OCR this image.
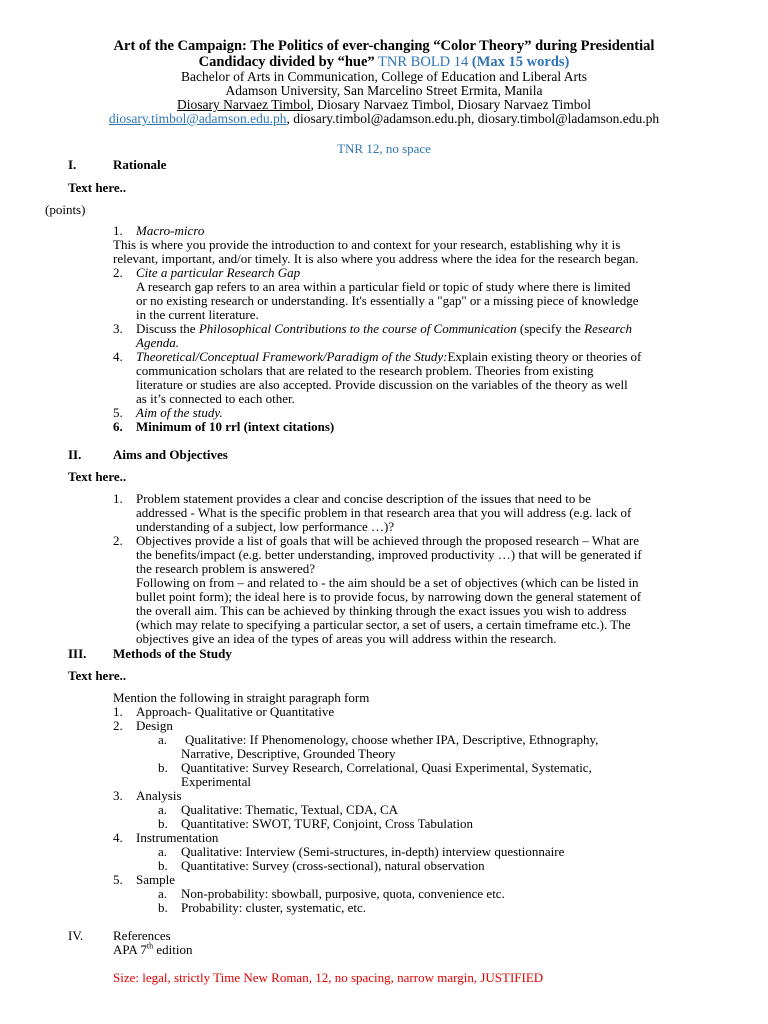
Art of the Campaign: The Politics of ever-changing “Color Theory” during Presidential
Candidacy divided by “hue” TNR BOLD 14 (Max 15 words)
Bachelor of Arts in Communication, College of Education and Liberal Arts
Adamson University, San Marcelino Street Ermita, Manila
Diosary Narvaez Timbol, Diosary Narvaez Timbol, Diosary Narvaez Timbol
diosary.timbol@adamson.edu.ph, diosary.timbol@adamson.edu.ph, diosary.timbol@ladamson.edu.ph
TNR 12, no space
I.	Rationale
Text here..
(points)
1. Macro-micro
This is where you provide the introduction to and context for your research, establishing why it is
relevant, important, and/or timely. It is also where you address where the idea for the research began.
2. Cite a particular Research Gap
A research gap refers to an area within a particular field or topic of study where there is limited
or no existing research or understanding. It's essentially a "gap" or a missing piece of knowledge
in the current literature.
3. Discuss the Philosophical Contributions to the course of Communication (specify the Research
Agenda.
4. Theoretical/Conceptual Framework/Paradigm of the Study:Explain existing theory or theories of
communication scholars that are related to the research problem. Theories from existing
literature or studies are also accepted. Provide discussion on the variables of the theory as well
as it’s connected to each other.
5. Aim of the study.
6. Minimum of 10 rrl (intext citations)
II. Aims and Objectives
Text here..
1. Problem statement provides a clear and concise description of the issues that need to be
addressed - What is the specific problem in that research area that you will address (e.g. lack of
understanding of a subject, low performance …)?
2. Objectives provide a list of goals that will be achieved through the proposed research – What are
the benefits/impact (e.g. better understanding, improved productivity …) that will be generated if
the research problem is answered?
Following on from – and related to - the aim should be a set of objectives (which can be listed in
bullet point form); the ideal here is to provide focus, by narrowing down the general statement of
the overall aim. This can be achieved by thinking through the exact issues you wish to address
(which may relate to specifying a particular sector, a set of users, a certain timeframe etc.). The
objectives give an idea of the types of areas you will address within the research.
III. Methods of the Study
Text here..
Mention the following in straight paragraph form
1. Approach- Qualitative or Quantitative
2. Design
a. Qualitative: If Phenomenology, choose whether IPA, Descriptive, Ethnography,
Narrative, Descriptive, Grounded Theory
b. Quantitative: Survey Research, Correlational, Quasi Experimental, Systematic,
Experimental
3. Analysis
a. Qualitative: Thematic, Textual, CDA, CA
b. Quantitative: SWOT, TURF, Conjoint, Cross Tabulation
4. Instrumentation
a. Qualitative: Interview (Semi-structures, in-depth) interview questionnaire
b. Quantitative: Survey (cross-sectional), natural observation
5. Sample
a. Non-probability: sbowball, purposive, quota, convenience etc.
b. Probability: cluster, systematic, etc.
IV. References
APA 7th edition
Size: legal, strictly Time New Roman, 12, no spacing, narrow margin, JUSTIFIED
